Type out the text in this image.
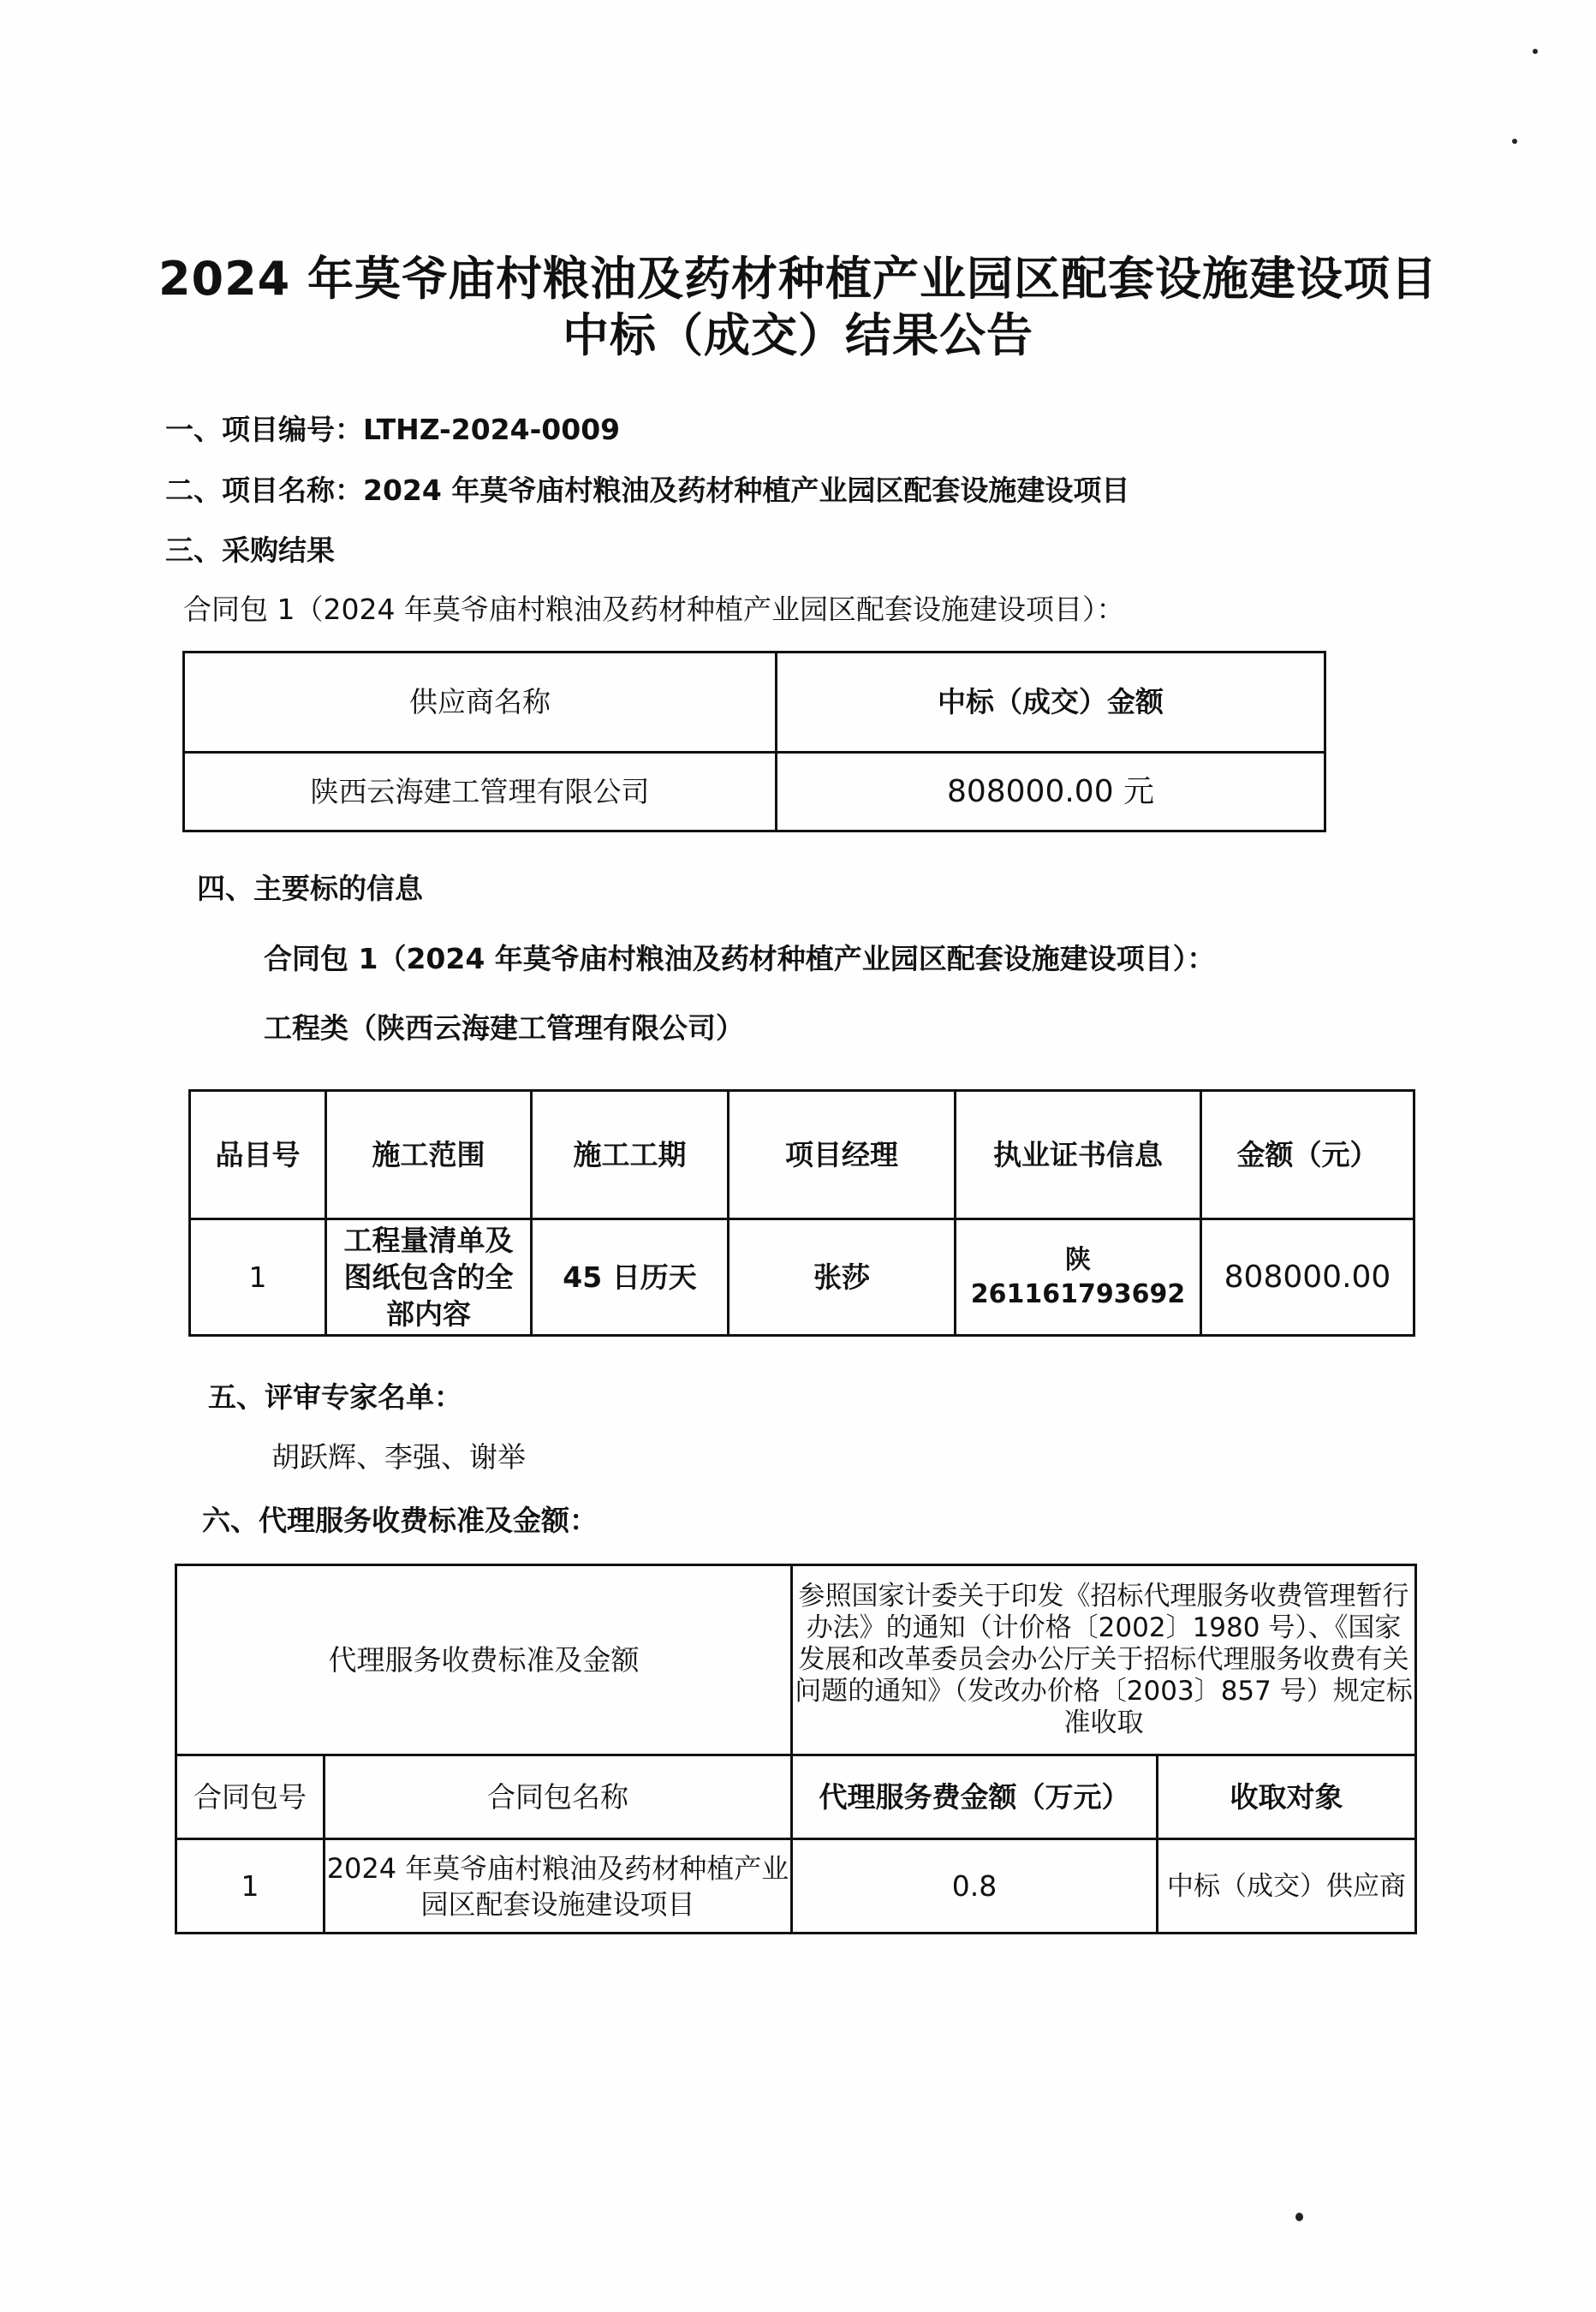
2024 年莫爷庙村粮油及药材种植产业园区配套设施建设项目
中标（成交）结果公告
一、项目编号：LTHZ-2024-0009
二、项目名称：2024 年莫爷庙村粮油及药材种植产业园区配套设施建设项目
三、采购结果
合同包 1（2024 年莫爷庙村粮油及药材种植产业园区配套设施建设项目）：
供应商名称	中标（成交）金额
陕西云海建工管理有限公司	808000.00 元
四、主要标的信息
合同包 1（2024 年莫爷庙村粮油及药材种植产业园区配套设施建设项目）：
工程类（陕西云海建工管理有限公司）
品目号	施工范围	施工工期	项目经理	执业证书信息	金额（元）
1	工程量清单及图纸包含的全部内容	45 日历天	张莎	陕 261161793692	808000.00
五、评审专家名单：
胡跃辉、李强、谢举
六、代理服务收费标准及金额：
代理服务收费标准及金额		参照国家计委关于印发《招标代理服务收费管理暂行办法》的通知（计价格〔2002〕1980 号）、《国家发展和改革委员会办公厅关于招标代理服务收费有关问题的通知》（发改办价格〔2003〕857 号）规定标准收取	
合同包号	合同包名称	代理服务费金额（万元）	收取对象
1	2024 年莫爷庙村粮油及药材种植产业园区配套设施建设项目	0.8	中标（成交）供应商
